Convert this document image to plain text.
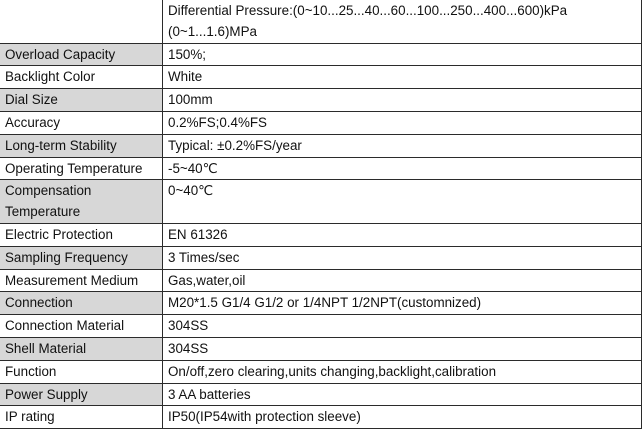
	Differential Pressure:(0~10...25...40...60...100...250...400...600)kPa (0~1...1.6)MPa
Overload Capacity	150%;
Backlight Color	White
Dial Size	100mm
Accuracy	0.2%FS;0.4%FS
Long-term Stability	Typical: ±0.2%FS/year
Operating Temperature	-5~40℃
Compensation Temperature	0~40℃
Electric Protection	EN 61326
Sampling Frequency	3 Times/sec
Measurement Medium	Gas,water,oil
Connection	M20*1.5 G1/4 G1/2 or 1/4NPT 1/2NPT(customnized)
Connection Material	304SS
Shell Material	304SS
Function	On/off,zero clearing,units changing,backlight,calibration
Power Supply	3 AA batteries
IP rating	IP50(IP54with protection sleeve)
